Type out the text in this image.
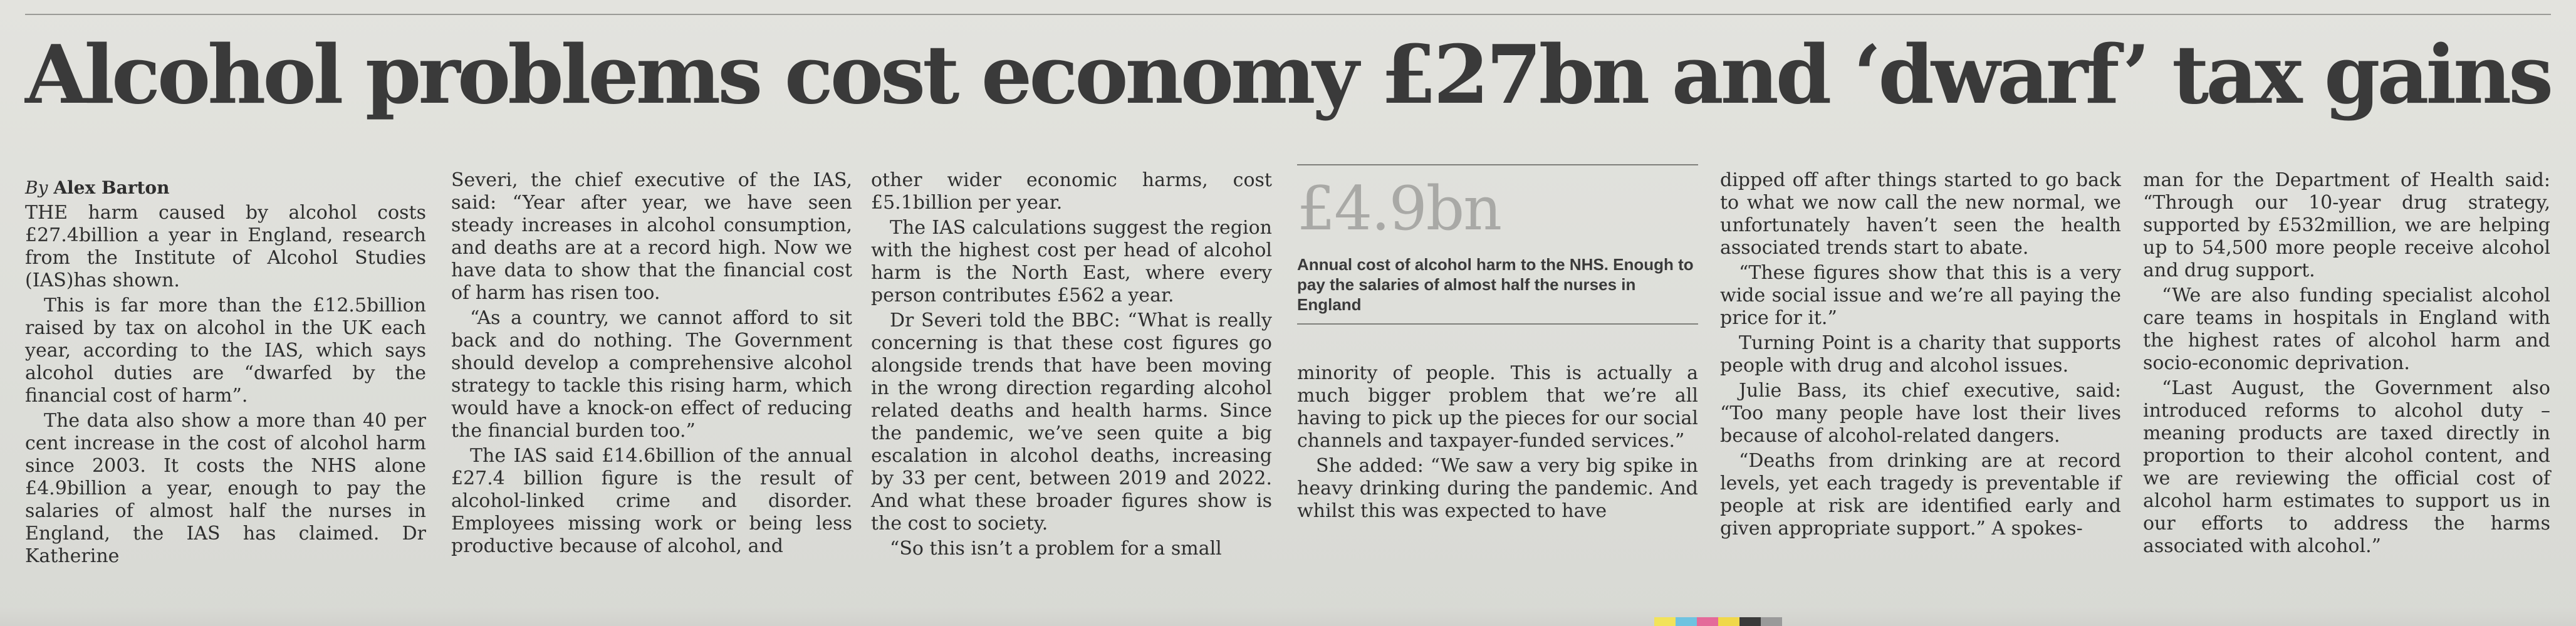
Alcohol problems cost economy £27bn and ‘dwarf’ tax gains

By Alex Barton

THE harm caused by alcohol costs £27.4billion a year in England, research from the Institute of Alcohol Studies (IAS)has shown.

This is far more than the £12.5billion raised by tax on alcohol in the UK each year, according to the IAS, which says alcohol duties are “dwarfed by the financial cost of harm”.

The data also show a more than 40 per cent increase in the cost of alcohol harm since 2003. It costs the NHS alone £4.9billion a year, enough to pay the salaries of almost half the nurses in England, the IAS has claimed. Dr Katherine

Severi, the chief executive of the IAS, said: “Year after year, we have seen steady increases in alcohol consumption, and deaths are at a record high. Now we have data to show that the financial cost of harm has risen too.

“As a country, we cannot afford to sit back and do nothing. The Government should develop a comprehensive alcohol strategy to tackle this rising harm, which would have a knock-on effect of reducing the financial burden too.”

The IAS said £14.6billion of the annual £27.4 billion figure is the result of alcohol-linked crime and disorder. Employees missing work or being less productive because of alcohol, and

other wider economic harms, cost £5.1billion per year.

The IAS calculations suggest the region with the highest cost per head of alcohol harm is the North East, where every person contributes £562 a year.

Dr Severi told the BBC: “What is really concerning is that these cost figures go alongside trends that have been moving in the wrong direction regarding alcohol related deaths and health harms. Since the pandemic, we’ve seen quite a big escalation in alcohol deaths, increasing by 33 per cent, between 2019 and 2022. And what these broader figures show is the cost to society.

“So this isn’t a problem for a small

£4.9bn
Annual cost of alcohol harm to the NHS. Enough to pay the salaries of almost half the nurses in England

minority of people. This is actually a much bigger problem that we’re all having to pick up the pieces for our social channels and taxpayer-funded services.”

She added: “We saw a very big spike in heavy drinking during the pandemic. And whilst this was expected to have

dipped off after things started to go back to what we now call the new normal, we unfortunately haven’t seen the health associated trends start to abate.

“These figures show that this is a very wide social issue and we’re all paying the price for it.”

Turning Point is a charity that supports people with drug and alcohol issues.

Julie Bass, its chief executive, said: “Too many people have lost their lives because of alcohol-related dangers.

“Deaths from drinking are at record levels, yet each tragedy is preventable if people at risk are identified early and given appropriate support.” A spokes-

man for the Department of Health said: “Through our 10-year drug strategy, supported by £532million, we are helping up to 54,500 more people receive alcohol and drug support.

“We are also funding specialist alcohol care teams in hospitals in England with the highest rates of alcohol harm and socio-economic deprivation.

“Last August, the Government also introduced reforms to alcohol duty – meaning products are taxed directly in proportion to their alcohol content, and we are reviewing the official cost of alcohol harm estimates to support us in our efforts to address the harms associated with alcohol.”
